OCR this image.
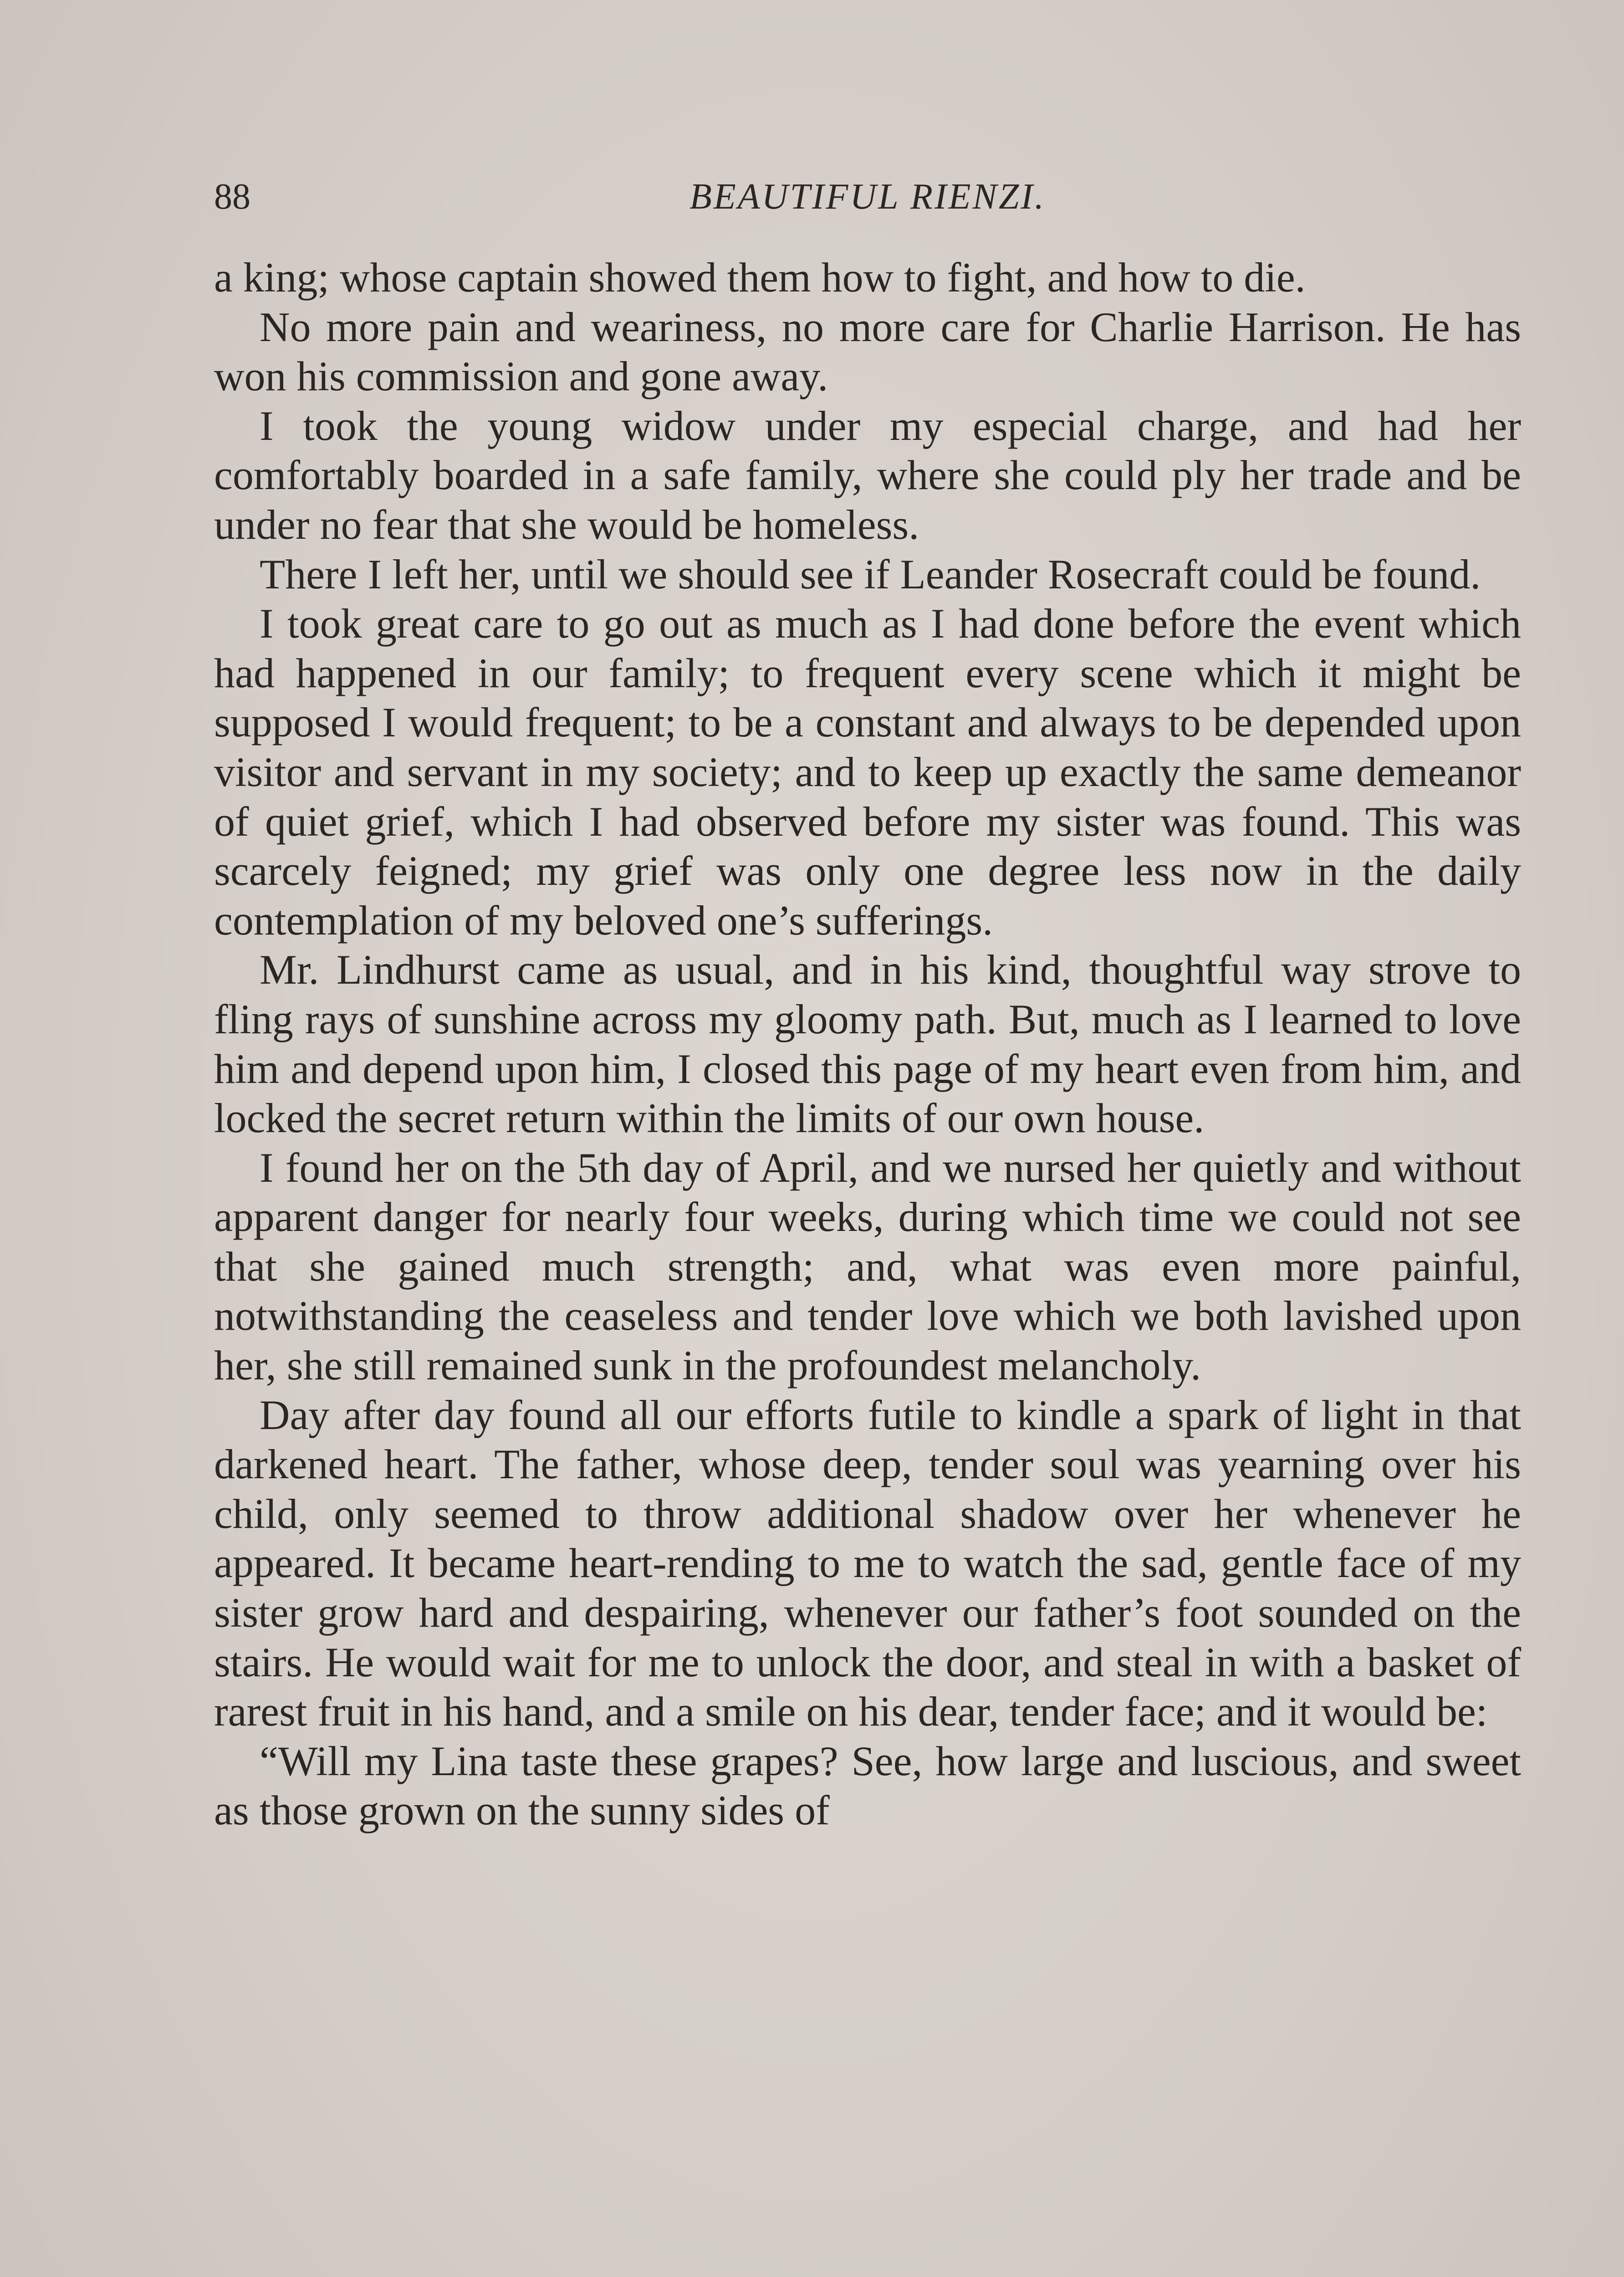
88	BEAUTIFUL RIENZI.

a king; whose captain showed them how to fight, and how to die.

No more pain and weariness, no more care for Charlie Harrison. He has won his commission and gone away.

I took the young widow under my especial charge, and had her comfortably boarded in a safe family, where she could ply her trade and be under no fear that she would be homeless.

There I left her, until we should see if Leander Rosecraft could be found.

I took great care to go out as much as I had done before the event which had happened in our family; to frequent every scene which it might be supposed I would frequent; to be a constant and always to be depended upon visitor and servant in my society; and to keep up exactly the same demeanor of quiet grief, which I had observed before my sister was found. This was scarcely feigned; my grief was only one degree less now in the daily contemplation of my beloved one’s sufferings.

Mr. Lindhurst came as usual, and in his kind, thoughtful way strove to fling rays of sunshine across my gloomy path. But, much as I learned to love him and depend upon him, I closed this page of my heart even from him, and locked the secret return within the limits of our own house.

I found her on the 5th day of April, and we nursed her quietly and without apparent danger for nearly four weeks, during which time we could not see that she gained much strength; and, what was even more painful, notwithstanding the ceaseless and tender love which we both lavished upon her, she still remained sunk in the profoundest melancholy.

Day after day found all our efforts futile to kindle a spark of light in that darkened heart. The father, whose deep, tender soul was yearning over his child, only seemed to throw additional shadow over her whenever he appeared. It became heart-rending to me to watch the sad, gentle face of my sister grow hard and despairing, whenever our father’s foot sounded on the stairs. He would wait for me to unlock the door, and steal in with a basket of rarest fruit in his hand, and a smile on his dear, tender face; and it would be:

“Will my Lina taste these grapes? See, how large and luscious, and sweet as those grown on the sunny sides of
